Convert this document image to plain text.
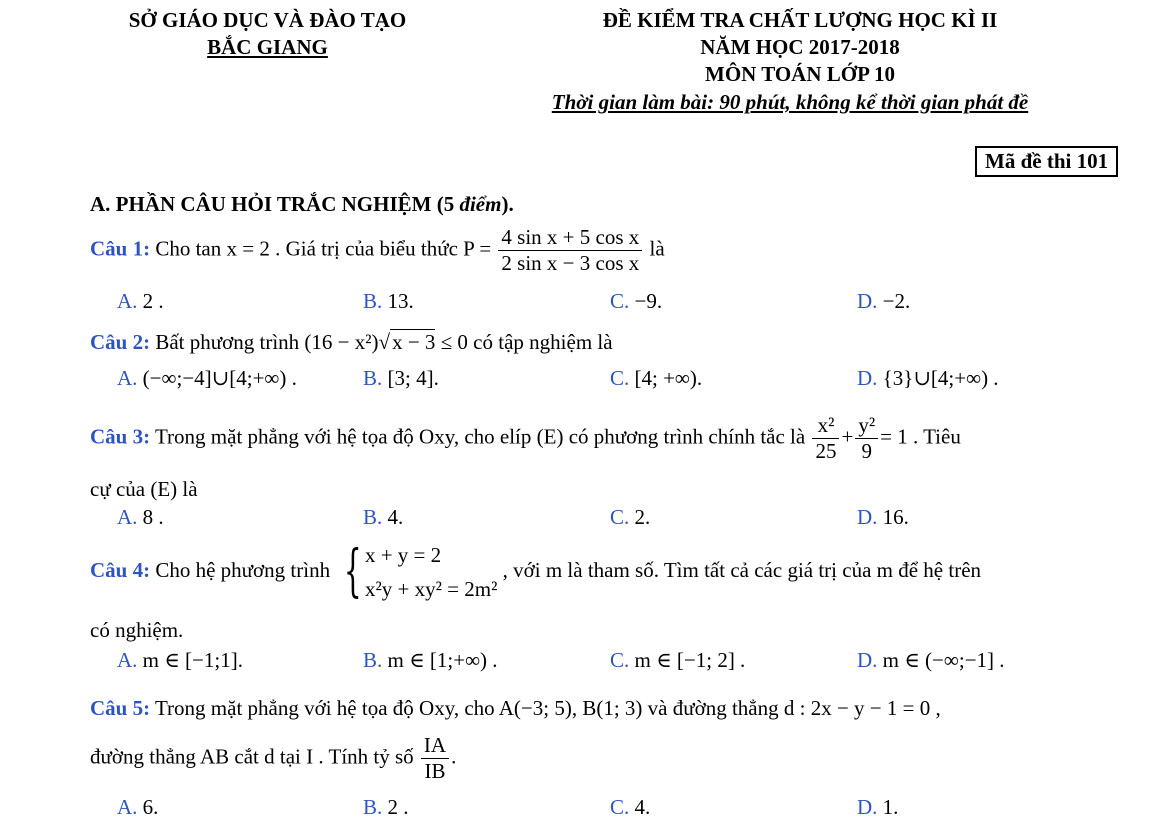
SỞ GIÁO DỤC VÀ ĐÀO TẠO
BẮC GIANG
ĐỀ KIỂM TRA CHẤT LƯỢNG HỌC KÌ II
NĂM HỌC 2017-2018
MÔN TOÁN LỚP 10
Thời gian làm bài: 90 phút, không kể thời gian phát đề
Mã đề thi 101
A. PHẦN CÂU HỎI TRẮC NGHIỆM (5 điểm).
Câu 1: Cho tan x = 2 . Giá trị của biểu thức $P = \frac{\text{4 sin x + 5 cos x}}{\text{2 sin x − 3 cos x}}$ là
A. 2 .	B. 13.	C. −9.	D. −2.
Câu 2: Bất phương trình (16 − x²)√x − 3 ≤ 0 có tập nghiệm là
A. (−∞;−4]∪[4;+∞) .	B. [3; 4].	C. [4; +∞).	D. {3}∪[4;+∞) .
Câu 3: Trong mặt phẳng với hệ tọa độ Oxy, cho elíp (E) có phương trình chính tắc là $\frac{\text{x²}}{25} + \frac{\text{y²}}{9} = 1$ . Tiêu
cự của (E) là
A. 8 .	B. 4.	C. 2.	D. 16.
Câu 4: Cho hệ phương trình { x + y = 2
x²y + xy² = 2m²
, với m là tham số. Tìm tất cả các giá trị của m để hệ trên
có nghiệm.
A. m ∈ [−1;1].	B. m ∈ [1;+∞) .	C. m ∈ [−1; 2] .	D. m ∈ (−∞;−1] .
Câu 5: Trong mặt phẳng với hệ tọa độ Oxy, cho A(−3; 5), B(1; 3) và đường thẳng d : 2x − y − 1 = 0 ,
đường thẳng AB cắt d tại I . Tính tỷ số $\frac{IA}{IB}$ .
A. 6.	B. 2 .	C. 4.	D. 1.
